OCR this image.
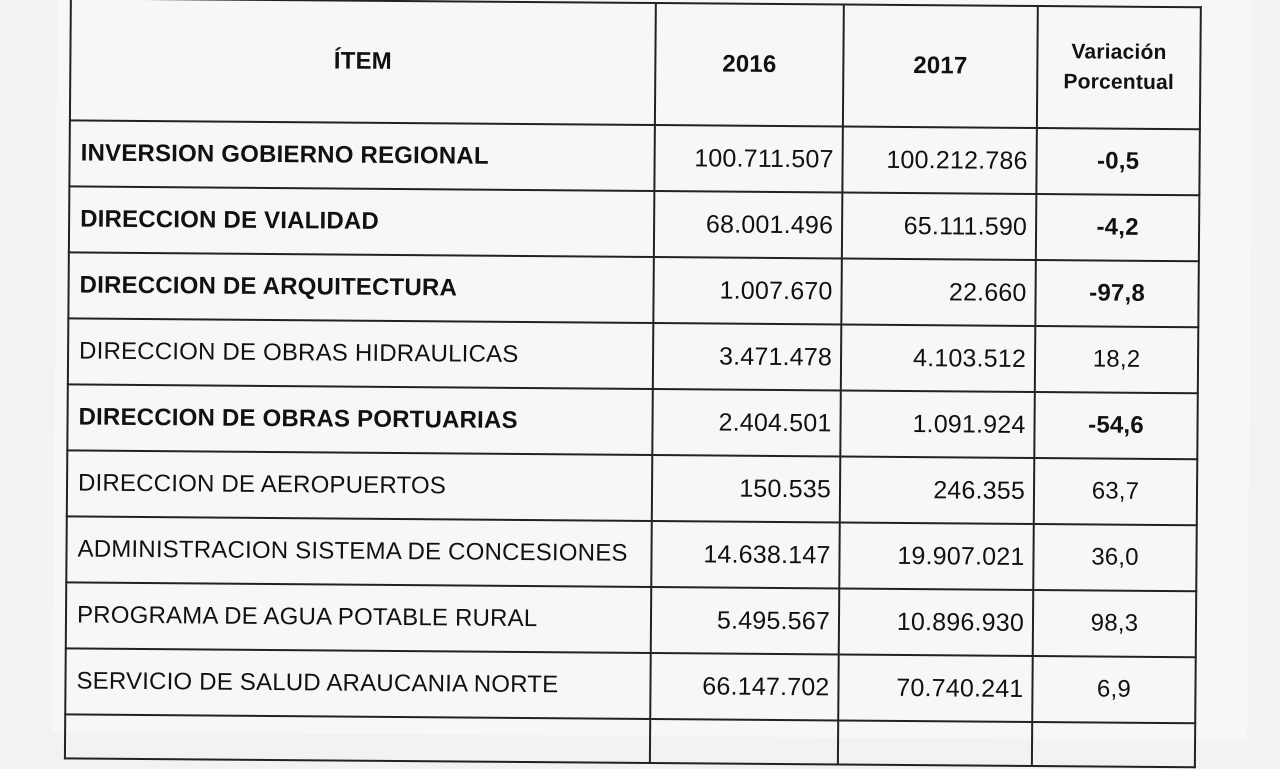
ÍTEM	2016	2017	Variación
Porcentual
INVERSION GOBIERNO REGIONAL	100.711.507	100.212.786	-0,5
DIRECCION DE VIALIDAD	68.001.496	65.111.590	-4,2
DIRECCION DE ARQUITECTURA	1.007.670	22.660	-97,8
DIRECCION DE OBRAS HIDRAULICAS	3.471.478	4.103.512	18,2
DIRECCION DE OBRAS PORTUARIAS	2.404.501	1.091.924	-54,6
DIRECCION DE AEROPUERTOS	150.535	246.355	63,7
ADMINISTRACION SISTEMA DE CONCESIONES	14.638.147	19.907.021	36,0
PROGRAMA DE AGUA POTABLE RURAL	5.495.567	10.896.930	98,3
SERVICIO DE SALUD ARAUCANIA NORTE	66.147.702	70.740.241	6,9
